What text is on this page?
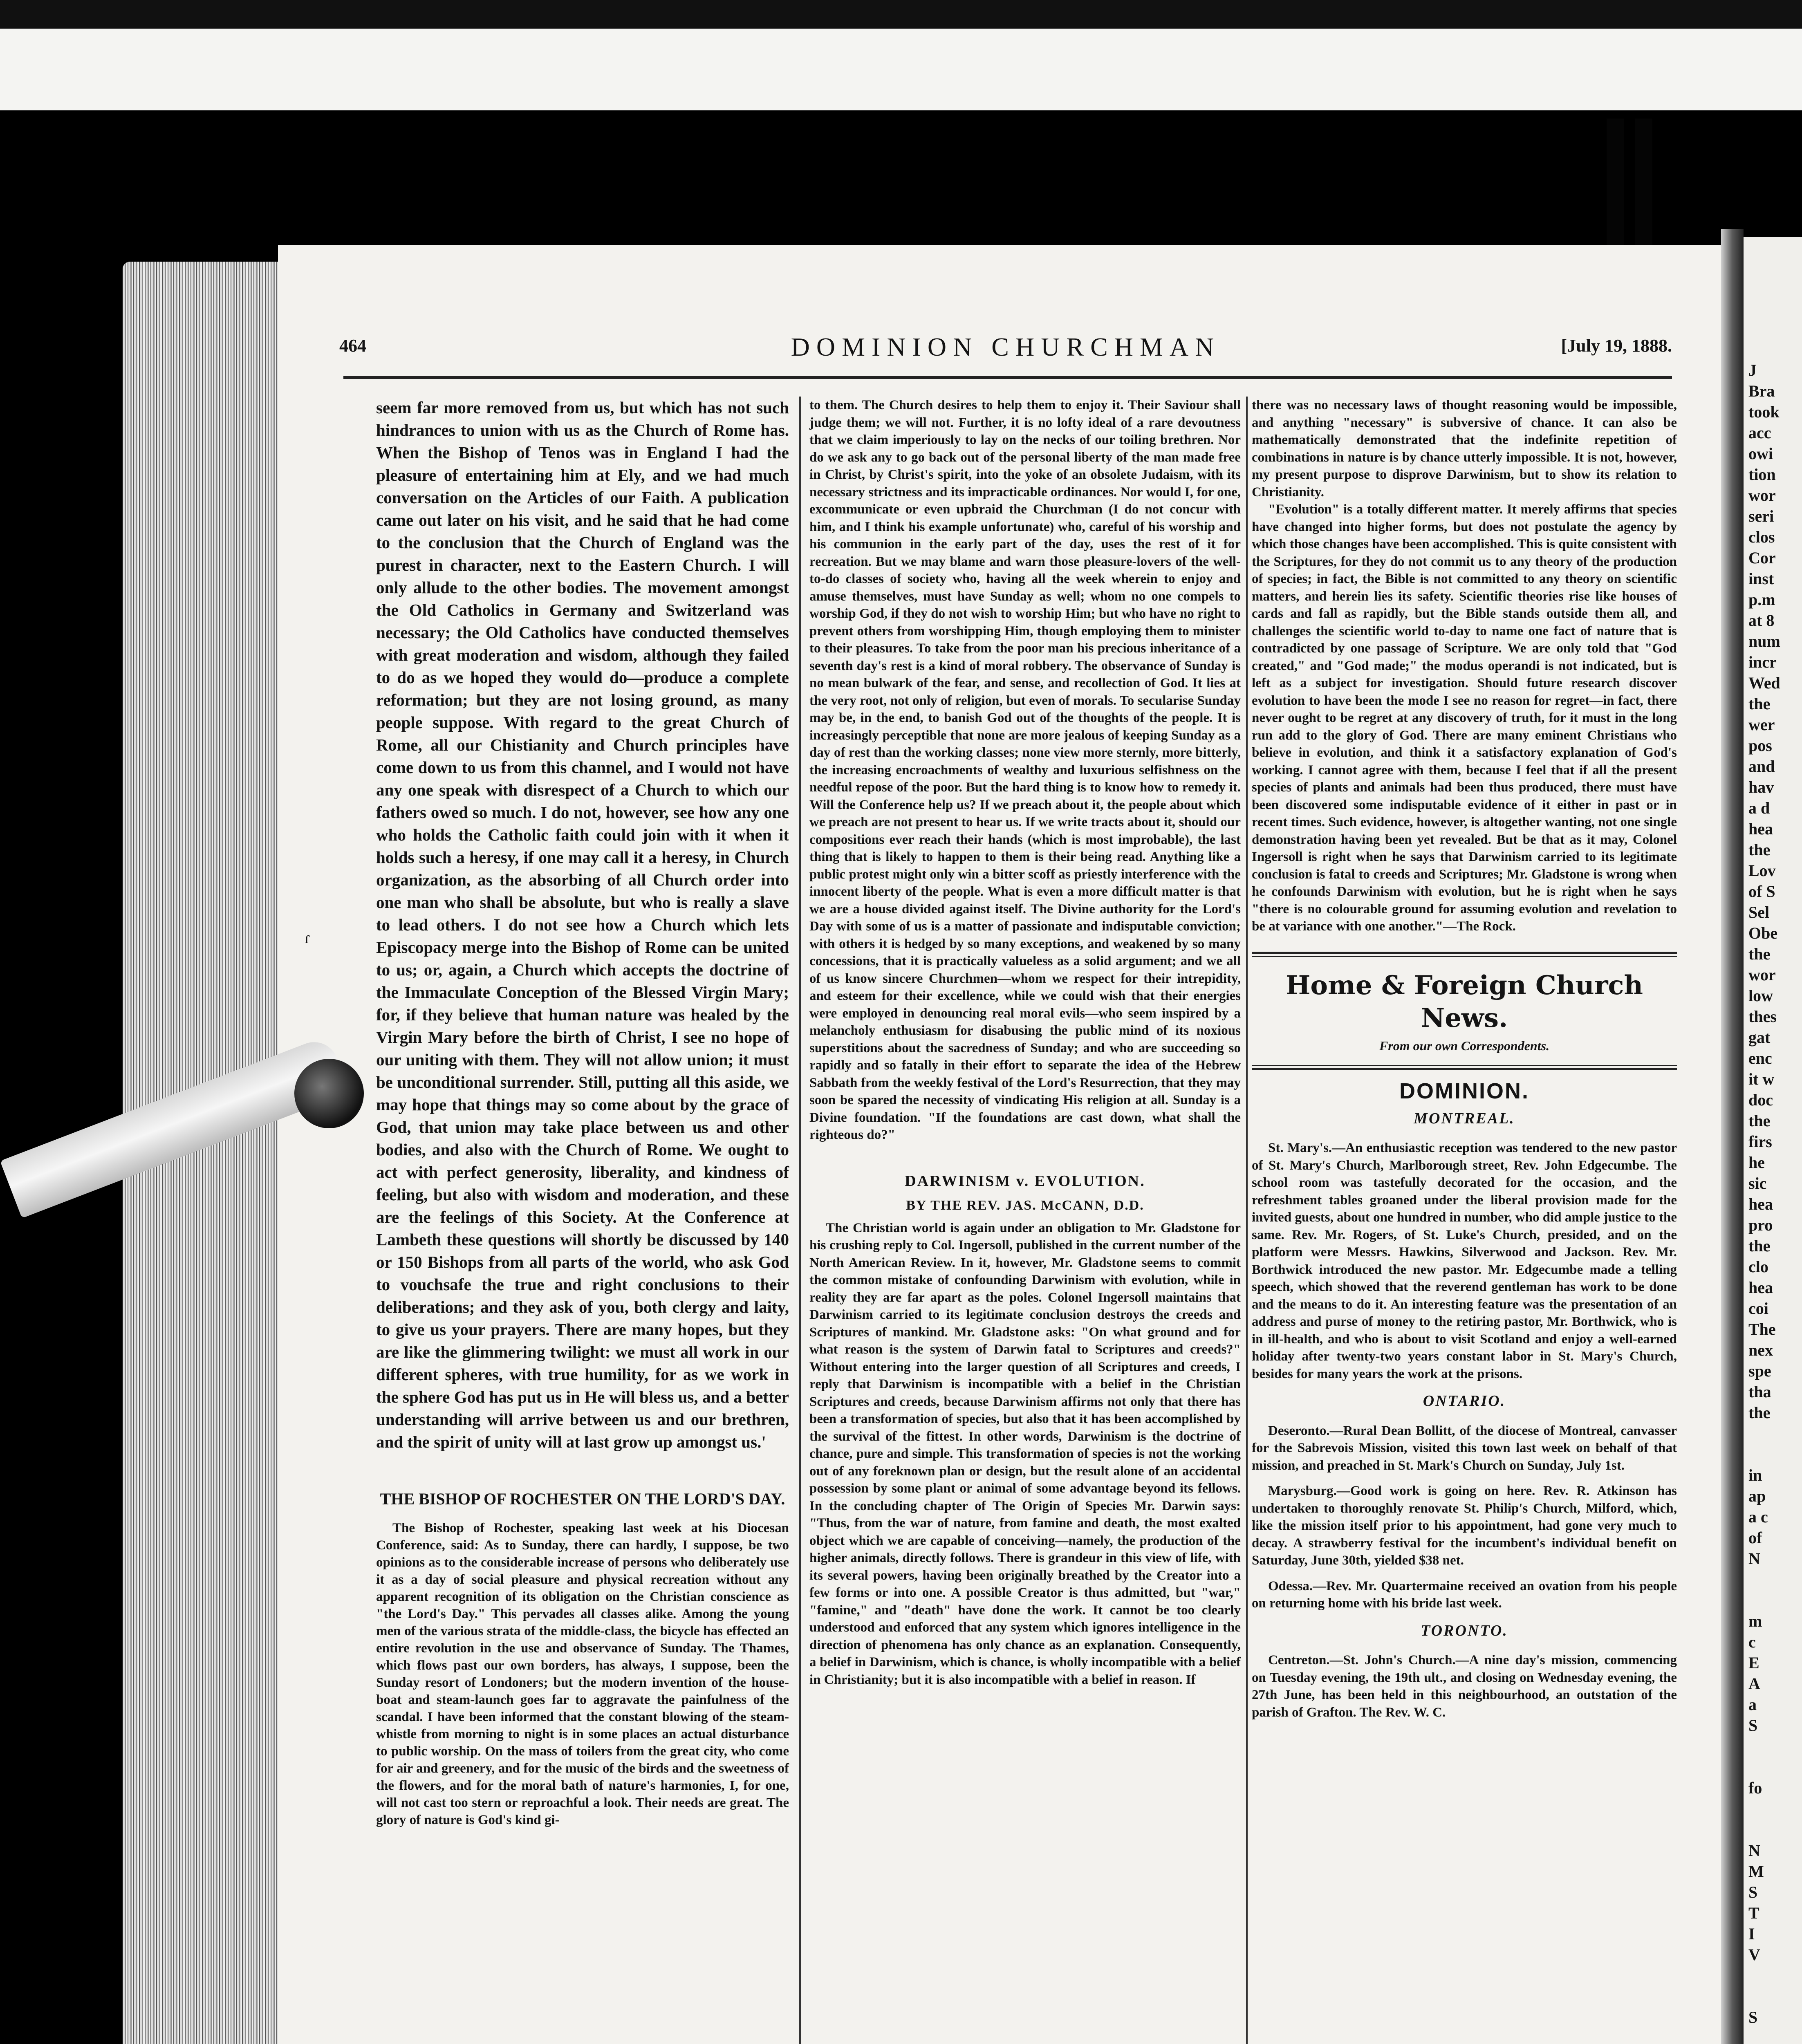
J
Bra
took
acc
owi
tion
wor
seri
clos
Cor
inst
p.m
at 8
num
incr
Wed
the
wer
pos
and
hav
a d
hea
the
Lov
of S
Sel
Obe
the
wor
low
thes
gat
enc
it w
doc
the
firs
he
sic
hea
pro
the
clo
hea
coi
The
nex
spe
tha
the

in
ap
a c
of
N

m
c
E
A
a
S

fo

N
M
S
T
I
V

S

464	DOMINION CHURCHMAN	[July 19, 1888.
ɾ

seem far more removed from us, but which has not such hindrances to union with us as the Church of Rome has. When the Bishop of Tenos was in England I had the pleasure of entertaining him at Ely, and we had much conversation on the Articles of our Faith. A publication came out later on his visit, and he said that he had come to the conclusion that the Church of England was the purest in character, next to the Eastern Church. I will only allude to the other bodies. The movement amongst the Old Catholics in Germany and Switzerland was necessary; the Old Catholics have conducted themselves with great moderation and wisdom, although they failed to do as we hoped they would do—produce a complete reformation; but they are not losing ground, as many people suppose. With regard to the great Church of Rome, all our Chistianity and Church principles have come down to us from this channel, and I would not have any one speak with disrespect of a Church to which our fathers owed so much. I do not, however, see how any one who holds the Catholic faith could join with it when it holds such a heresy, if one may call it a heresy, in Church organization, as the absorbing of all Church order into one man who shall be absolute, but who is really a slave to lead others. I do not see how a Church which lets Episcopacy merge into the Bishop of Rome can be united to us; or, again, a Church which accepts the doctrine of the Immaculate Conception of the Blessed Virgin Mary; for, if they believe that human nature was healed by the Virgin Mary before the birth of Christ, I see no hope of our uniting with them. They will not allow union; it must be unconditional surrender. Still, putting all this aside, we may hope that things may so come about by the grace of God, that union may take place between us and other bodies, and also with the Church of Rome. We ought to act with perfect generosity, liberality, and kindness of feeling, but also with wisdom and moderation, and these are the feelings of this Society. At the Conference at Lambeth these questions will shortly be discussed by 140 or 150 Bishops from all parts of the world, who ask God to vouchsafe the true and right conclusions to their deliberations; and they ask of you, both clergy and laity, to give us your prayers. There are many hopes, but they are like the glimmering twilight: we must all work in our different spheres, with true humility, for as we work in the sphere God has put us in He will bless us, and a better understanding will arrive between us and our brethren, and the spirit of unity will at last grow up amongst us.'

THE BISHOP OF ROCHESTER ON THE LORD'S DAY.

The Bishop of Rochester, speaking last week at his Diocesan Conference, said: As to Sunday, there can hardly, I suppose, be two opinions as to the considerable increase of persons who deliberately use it as a day of social pleasure and physical recreation without any apparent recognition of its obligation on the Christian conscience as "the Lord's Day." This pervades all classes alike. Among the young men of the various strata of the middle-class, the bicycle has effected an entire revolution in the use and observance of Sunday. The Thames, which flows past our own borders, has always, I suppose, been the Sunday resort of Londoners; but the modern invention of the house-boat and steam-launch goes far to aggravate the painfulness of the scandal. I have been informed that the constant blowing of the steam-whistle from morning to night is in some places an actual disturbance to public worship. On the mass of toilers from the great city, who come for air and greenery, and for the music of the birds and the sweetness of the flowers, and for the moral bath of nature's harmonies, I, for one, will not cast too stern or reproachful a look. Their needs are great. The glory of nature is God's kind gi-

to them. The Church desires to help them to enjoy it. Their Saviour shall judge them; we will not. Further, it is no lofty ideal of a rare devoutness that we claim imperiously to lay on the necks of our toiling brethren. Nor do we ask any to go back out of the personal liberty of the man made free in Christ, by Christ's spirit, into the yoke of an obsolete Judaism, with its necessary strictness and its impracticable ordinances. Nor would I, for one, excommunicate or even upbraid the Churchman (I do not concur with him, and I think his example unfortunate) who, careful of his worship and his communion in the early part of the day, uses the rest of it for recreation. But we may blame and warn those pleasure-lovers of the well-to-do classes of society who, having all the week wherein to enjoy and amuse themselves, must have Sunday as well; whom no one compels to worship God, if they do not wish to worship Him; but who have no right to prevent others from worshipping Him, though employing them to minister to their pleasures. To take from the poor man his precious inheritance of a seventh day's rest is a kind of moral robbery. The observance of Sunday is no mean bulwark of the fear, and sense, and recollection of God. It lies at the very root, not only of religion, but even of morals. To secularise Sunday may be, in the end, to banish God out of the thoughts of the people. It is increasingly perceptible that none are more jealous of keeping Sunday as a day of rest than the working classes; none view more sternly, more bitterly, the increasing encroachments of wealthy and luxurious selfishness on the needful repose of the poor. But the hard thing is to know how to remedy it. Will the Conference help us? If we preach about it, the people about which we preach are not present to hear us. If we write tracts about it, should our compositions ever reach their hands (which is most improbable), the last thing that is likely to happen to them is their being read. Anything like a public protest might only win a bitter scoff as priestly interference with the innocent liberty of the people. What is even a more difficult matter is that we are a house divided against itself. The Divine authority for the Lord's Day with some of us is a matter of passionate and indisputable conviction; with others it is hedged by so many exceptions, and weakened by so many concessions, that it is practically valueless as a solid argument; and we all of us know sincere Churchmen—whom we respect for their intrepidity, and esteem for their excellence, while we could wish that their energies were employed in denouncing real moral evils—who seem inspired by a melancholy enthusiasm for disabusing the public mind of its noxious superstitions about the sacredness of Sunday; and who are succeeding so rapidly and so fatally in their effort to separate the idea of the Hebrew Sabbath from the weekly festival of the Lord's Resurrection, that they may soon be spared the necessity of vindicating His religion at all. Sunday is a Divine foundation. "If the foundations are cast down, what shall the righteous do?"

DARWINISM v. EVOLUTION.
BY THE REV. JAS. McCANN, D.D.

The Christian world is again under an obligation to Mr. Gladstone for his crushing reply to Col. Ingersoll, published in the current number of the North American Review. In it, however, Mr. Gladstone seems to commit the common mistake of confounding Darwinism with evolution, while in reality they are far apart as the poles. Colonel Ingersoll maintains that Darwinism carried to its legitimate conclusion destroys the creeds and Scriptures of mankind. Mr. Gladstone asks: "On what ground and for what reason is the system of Darwin fatal to Scriptures and creeds?" Without entering into the larger question of all Scriptures and creeds, I reply that Darwinism is incompatible with a belief in the Christian Scriptures and creeds, because Darwinism affirms not only that there has been a transformation of species, but also that it has been accomplished by the survival of the fittest. In other words, Darwinism is the doctrine of chance, pure and simple. This transformation of species is not the working out of any foreknown plan or design, but the result alone of an accidental possession by some plant or animal of some advantage beyond its fellows. In the concluding chapter of The Origin of Species Mr. Darwin says: "Thus, from the war of nature, from famine and death, the most exalted object which we are capable of conceiving—namely, the production of the higher animals, directly follows. There is grandeur in this view of life, with its several powers, having been originally breathed by the Creator into a few forms or into one. A possible Creator is thus admitted, but "war," "famine," and "death" have done the work. It cannot be too clearly understood and enforced that any system which ignores intelligence in the direction of phenomena has only chance as an explanation. Consequently, a belief in Darwinism, which is chance, is wholly incompatible with a belief in Christianity; but it is also incompatible with a belief in reason. If

there was no necessary laws of thought reasoning would be impossible, and anything "necessary" is subversive of chance. It can also be mathematically demonstrated that the indefinite repetition of combinations in nature is by chance utterly impossible. It is not, however, my present purpose to disprove Darwinism, but to show its relation to Christianity.

"Evolution" is a totally different matter. It merely affirms that species have changed into higher forms, but does not postulate the agency by which those changes have been accomplished. This is quite consistent with the Scriptures, for they do not commit us to any theory of the production of species; in fact, the Bible is not committed to any theory on scientific matters, and herein lies its safety. Scientific theories rise like houses of cards and fall as rapidly, but the Bible stands outside them all, and challenges the scientific world to-day to name one fact of nature that is contradicted by one passage of Scripture. We are only told that "God created," and "God made;" the modus operandi is not indicated, but is left as a subject for investigation. Should future research discover evolution to have been the mode I see no reason for regret—in fact, there never ought to be regret at any discovery of truth, for it must in the long run add to the glory of God. There are many eminent Christians who believe in evolution, and think it a satisfactory explanation of God's working. I cannot agree with them, because I feel that if all the present species of plants and animals had been thus produced, there must have been discovered some indisputable evidence of it either in past or in recent times. Such evidence, however, is altogether wanting, not one single demonstration having been yet revealed. But be that as it may, Colonel Ingersoll is right when he says that Darwinism carried to its legitimate conclusion is fatal to creeds and Scriptures; Mr. Gladstone is wrong when he confounds Darwinism with evolution, but he is right when he says "there is no colourable ground for assuming evolution and revelation to be at variance with one another."—The Rock.

Home & Foreign Church News.
From our own Correspondents.
DOMINION.
MONTREAL.

St. Mary's.—An enthusiastic reception was tendered to the new pastor of St. Mary's Church, Marlborough street, Rev. John Edgecumbe. The school room was tastefully decorated for the occasion, and the refreshment tables groaned under the liberal provision made for the invited guests, about one hundred in number, who did ample justice to the same. Rev. Mr. Rogers, of St. Luke's Church, presided, and on the platform were Messrs. Hawkins, Silverwood and Jackson. Rev. Mr. Borthwick introduced the new pastor. Mr. Edgecumbe made a telling speech, which showed that the reverend gentleman has work to be done and the means to do it. An interesting feature was the presentation of an address and purse of money to the retiring pastor, Mr. Borthwick, who is in ill-health, and who is about to visit Scotland and enjoy a well-earned holiday after twenty-two years constant labor in St. Mary's Church, besides for many years the work at the prisons.

ONTARIO.

Deseronto.—Rural Dean Bollitt, of the diocese of Montreal, canvasser for the Sabrevois Mission, visited this town last week on behalf of that mission, and preached in St. Mark's Church on Sunday, July 1st.

Marysburg.—Good work is going on here. Rev. R. Atkinson has undertaken to thoroughly renovate St. Philip's Church, Milford, which, like the mission itself prior to his appointment, had gone very much to decay. A strawberry festival for the incumbent's individual benefit on Saturday, June 30th, yielded $38 net.

Odessa.—Rev. Mr. Quartermaine received an ovation from his people on returning home with his bride last week.

TORONTO.

Centreton.—St. John's Church.—A nine day's mission, commencing on Tuesday evening, the 19th ult., and closing on Wednesday evening, the 27th June, has been held in this neighbourhood, an outstation of the parish of Grafton. The Rev. W. C.
